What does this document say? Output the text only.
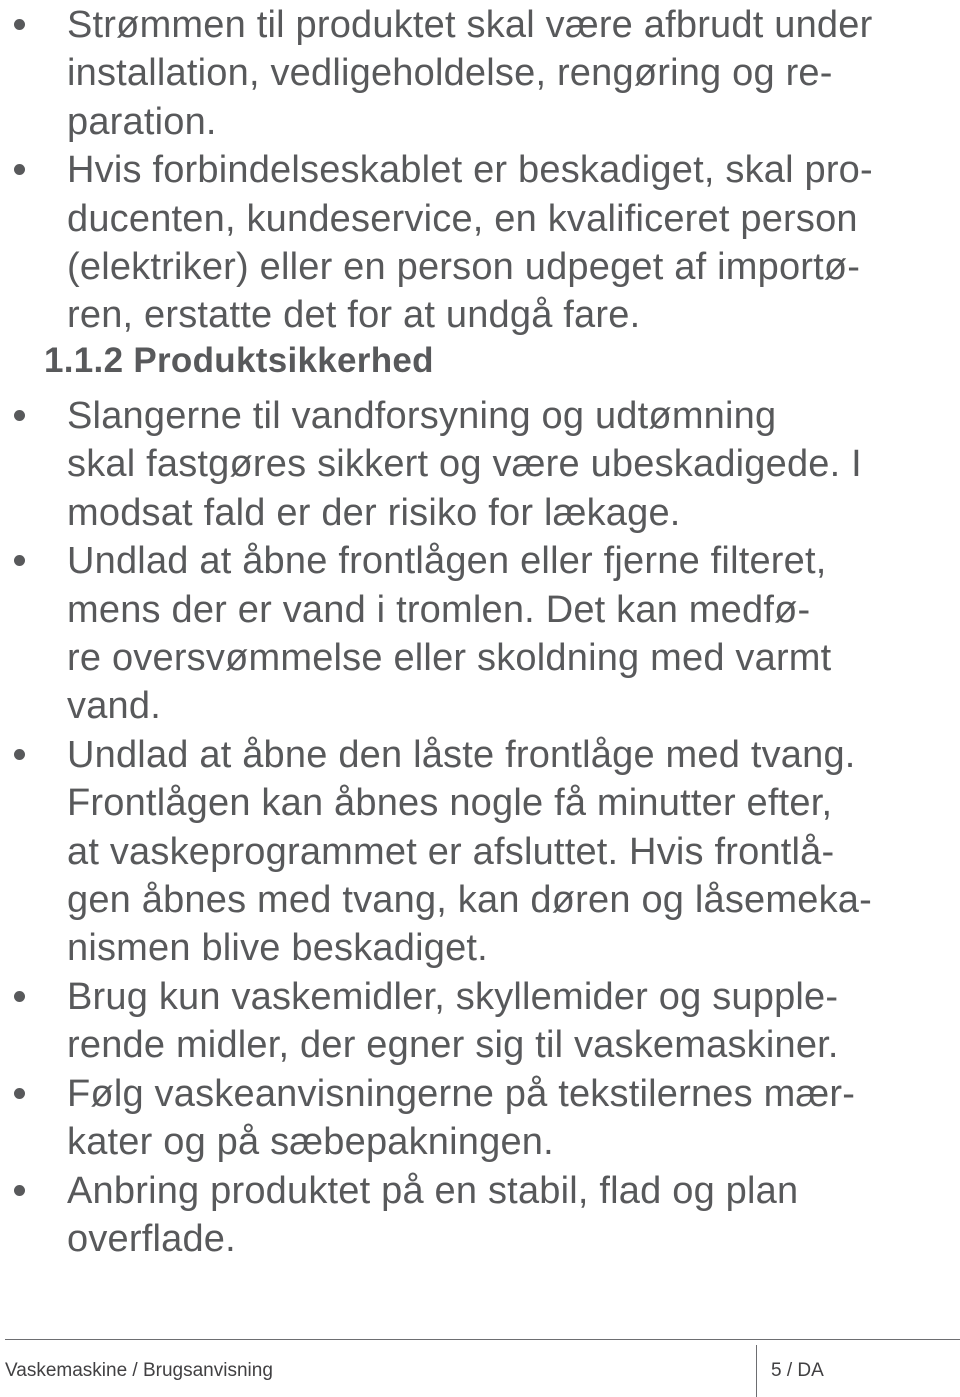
Strømmen til produktet skal være afbrudt under
installation, vedligeholdelse, rengøring og re-
paration.
Hvis forbindelseskablet er beskadiget, skal pro-
ducenten, kundeservice, en kvalificeret person
(elektriker) eller en person udpeget af importø-
ren, erstatte det for at undgå fare.
1.1.2 Produktsikkerhed
Slangerne til vandforsyning og udtømning
skal fastgøres sikkert og være ubeskadigede. I
modsat fald er der risiko for lækage.
Undlad at åbne frontlågen eller fjerne filteret,
mens der er vand i tromlen. Det kan medfø-
re oversvømmelse eller skoldning med varmt
vand.
Undlad at åbne den låste frontlåge med tvang.
Frontlågen kan åbnes nogle få minutter efter,
at vaskeprogrammet er afsluttet. Hvis frontlå-
gen åbnes med tvang, kan døren og låsemeka-
nismen blive beskadiget.
Brug kun vaskemidler, skyllemider og supple-
rende midler, der egner sig til vaskemaskiner.
Følg vaskeanvisningerne på tekstilernes mær-
kater og på sæbepakningen.
Anbring produktet på en stabil, flad og plan
overflade.
Vaskemaskine / Brugsanvisning	5 / DA
